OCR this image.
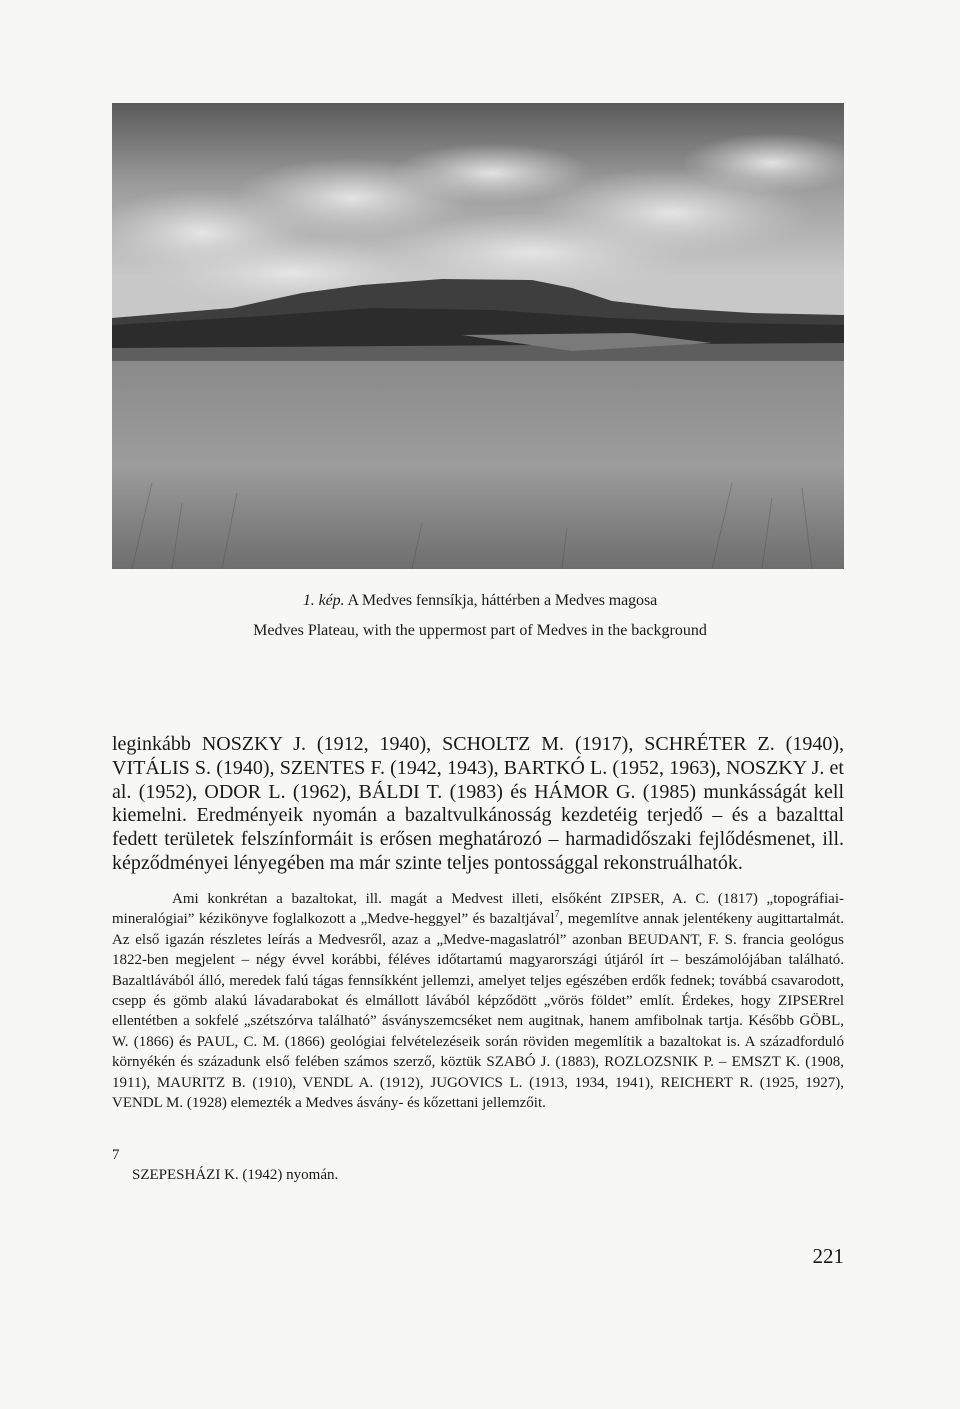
1. kép. A Medves fennsíkja, háttérben a Medves magosa
Medves Plateau, with the uppermost part of Medves in the background

leginkább NOSZKY J. (1912, 1940), SCHOLTZ M. (1917), SCHRÉTER Z. (1940), VITÁLIS S. (1940), SZENTES F. (1942, 1943), BARTKÓ L. (1952, 1963), NOSZKY J. et al. (1952), ODOR L. (1962), BÁLDI T. (1983) és HÁMOR G. (1985) munkásságát kell kiemelni. Eredményeik nyomán a bazaltvulkánosság kezdetéig terjedő – és a bazalttal fedett területek felszínformáit is erősen meghatározó – harmadidőszaki fejlődésmenet, ill. képződményei lényegében ma már szinte teljes pontossággal rekonstruálhatók.

Ami konkrétan a bazaltokat, ill. magát a Medvest illeti, elsőként ZIPSER, A. C. (1817) „topográfiai-mineralógiai” kézikönyve foglalkozott a „Medve-heggyel” és bazaltjával$^7$, megemlítve annak jelentékeny augittartalmát. Az első igazán részletes leírás a Medvesről, azaz a „Medve-magaslatról” azonban BEUDANT, F. S. francia geológus 1822-ben megjelent – négy évvel korábbi, féléves időtartamú magyarországi útjáról írt – beszámolójában található. Bazaltlávából álló, meredek falú tágas fennsíkként jellemzi, amelyet teljes egészében erdők fednek; továbbá csavarodott, csepp és gömb alakú lávadarabokat és elmállott lávából képződött „vörös földet” említ. Érdekes, hogy ZIPSERrel ellentétben a sokfelé „szétszórva található” ásványszemcséket nem augitnak, hanem amfibolnak tartja. Később GÖBL, W. (1866) és PAUL, C. M. (1866) geológiai felvételezéseik során röviden megemlítik a bazaltokat is. A századforduló környékén és századunk első felében számos szerző, köztük SZABÓ J. (1883), ROZLOZSNIK P. – EMSZT K. (1908, 1911), MAURITZ B. (1910), VENDL A. (1912), JUGOVICS L. (1913, 1934, 1941), REICHERT R. (1925, 1927), VENDL M. (1928) elemezték a Medves ásvány- és kőzettani jellemzőit.

7
SZEPESHÁZI K. (1942) nyomán.
221
